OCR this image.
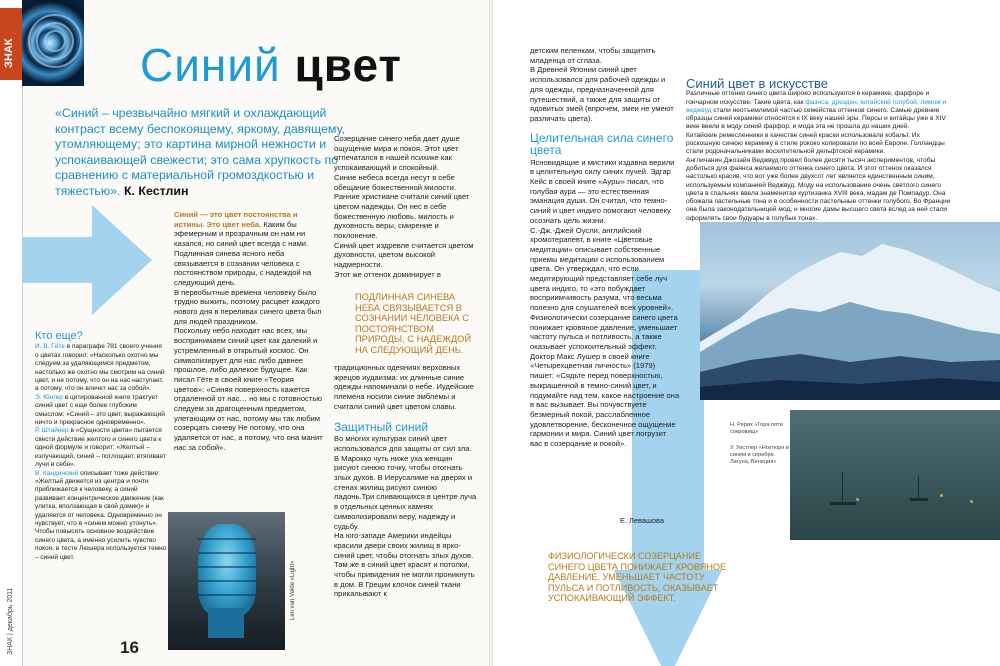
ЗНАК
ЗНАК | декабрь 2011
Синий цвет
«Синий – чрезвычайно мягкий и охлаждающий контраст всему беспокоящему, яркому, давящему, утомляющему; это картина мирной нежности и успокаивающей свежести; это сама хрупкость по сравнению с материальной громоздкостью и тяжестью». К. Кестлин
Кто еще?

И. В. Гёте в параграфе 781 своего учения о цветах говорил: «Насколько охотно мы следуем за удаляющимся предметом, настолько же охотно мы смотрим на синий цвет, и не потому, что он на нас наступает, а потому, что он влечет нас за собой».

Э. Юнгер в цитированной книге трактует синий цвет с еще более глубоким смыслом: «Синий – это цвет, выражающий ничто и прекрасное одновременно».

Р. Штайнер в «Сущности цвета» пытается свести действие желтого и синего цвета к одной формуле и говорит: «Желтый – излучающий, синий – поглощает, втягивает лучи в себя».

В. Кандинский описывает тоже действие: «Желтый движется из центра и почти приближается к человеку, а синий развивает концентрическое движение (как улитка, вползающая в свой домик)» и удаляется от человека. Одновременно он чувствует, что в «синем можно утонуть».

Чтобы повысить основное воздействие синего цвета, а именно усилить чувство покоя, в тесте Люшера используется темно – синий цвет.

Синий — это цвет постоянства и истины. Это цвет неба. Каким бы эфемерным и прозрачным он нам ни казался, но синий цвет всегда с нами. Подлинная синева ясного неба связывается в сознании человека с постоянством природы, с надеждой на следующий день.

В первобытные времена человеку было трудно выжить, поэтому расцвет каждого нового дня в переливах синего цвета был для людей праздником.

Поскольку небо находит нас всех, мы воспринимаем синий цвет как далекий и устремленный в открытый космос. Он символизирует для нас либо давнее прошлое, либо далекое будущее. Как писал Гёте в своей книге «Теория цветов»: «Синяя поверхность кажется отдаленной от нас… но мы с готовностью следуем за драгоценным предметом, улетающим от нас, потому мы так любим созерцать синеву Не потому, что она удаляется от нас, а потому, что она манит нас за собой».

Len van Velde «Light»
16

Созерцание синего неба дает душе ощущение мира и покоя. Этот цвет отпечатался в нашей психике как успокаивающий и спокойный.

Синие небеса всегда несут в себе обещание божественной милости. Ранние христиане считали синий цвет цветом надежды. Он нес в себе божественную любовь, милость и духовность веры, смирение и поклонение.

Синий цвет издревле считается цветом духовности, цветом высокой надмерности.

Этот же оттенок доминирует в

ПОДЛИННАЯ СИНЕВА НЕБА СВЯЗЫВАЕТСЯ В СОЗНАНИИ ЧЕЛОВЕКА С ПОСТОЯНСТВОМ ПРИРОДЫ, С НАДЕЖДОЙ НА СЛЕДУЮЩИЙ ДЕНЬ.

традиционных одеяниях верховных жрецов иудаизма: их длинные синие одежды напоминали о небе. Иудейские племена носили синие эмблемы и считали синий цвет цветом славы.

Защитный синий

Во многих культурах синий цвет использовался для защиты от сил зла. В Марокко чуть ниже уха женщин рисуют синюю точку, чтобы отогнать злых духов. В Иерусалиме на дверях и стенах жилищ рисуют синюю ладонь.Три сливающихся в центре луча в отдельных ценных камнях символизировали веру, надежду и судьбу.

На юго-западе Америки индейцы красили двери своих жилищ в ярко-синий цвет, чтобы отогнать злых духов. Там же в синий цвет красят и потолки, чтобы привидения не могли проникнуть в дом. В Греции клочок синей ткани прикалывают к

детским пеленкам, чтобы защитить младенца от сглаза.

В Древней Японии синий цвет использовался для рабочей одежды и для одежды, предназначенной для путешествий, а также для защиты от ядовитых змей (впрочем, змеи не умеют различать цвета).

Целительная сила синего цвета

Ясновидящие и мистики издавна верили в целительную силу синих лучей. Эдгар Кейс в своей книге «Ауры» писал, что голубая аура — это естественная эманация души. Он считал, что темно-синий и цвет индиго помогают человеку осознать цель жизни.

С.-Дж.-Джей Оусли, английский хромотерапевт, в книге «Цветовые медитации» описывает собственные приемы медитации с использованием цвета. Он утверждал, что если медитирующий представляет себе луч цвета индиго, то «это побуждает восприимчивость разума, что весьма полезно для слушателей всех уровней».

Физиологически созерцание синего цвета понижает кровяное давление, уменьшает частоту пульса и потливость, а также оказывает успокоительный эффект.

Доктор Макс Лушер в своей книге «Четырехцветная личность» (1979) пишет: «Сядьте перед поверхностью, выкрашенной в темно-синий цвет, и подумайте над тем, какое настроение она в вас вызывает. Вы почувствуете безмерный покой, расслабленное удовлетворение, бесконечное ощущение гармонии и мира. Синий цвет погрузит вас в созерцание и покой».

Е. Левашова
Синий цвет в искусстве

Различные оттенки синего цвета широко используются в керамике, фарфоре и гончарном искусстве. Такие цвета, как фазнса, дрезден, китайский голубой, лимож и веджвуд стали неотъемлемой частью семейства оттенков синего. Самые древние образцы синей керамики относятся к IX веку нашей эры. Персы и китайцы уже в XIV веке ввели в моду синий фарфор, и мода эта не прошла до наших дней.

Китайские ремесленники в качестве синей краски использовали кобальт. Их роскошную синюю керамику в стиле рококо копировали по всей Европе. Голландцы стали родоначальниками восхитительной дельфтской керамики.

Англичанин Джозайя Веджвуд провел более десяти тысяч экспериментов, чтобы добиться для фаянса желаемого оттенка синего цвета. И этот оттенок оказался настолько красив, что вот уже более двухсот лет является единственным синим, используемым компанией Веджвуд. Моду на использование очень светлого синего цвета в спальнях ввела знаменитая куртизанка XVIII века, мадам де Помпадур. Она обожала пастельные тона и в особенности пастельные оттенки голубого. Во Франции она была законодательницей мод, и многие дамы высшего света вслед за ней стали оформлять свои будуары в голубых тонах.

Н. Рерих «Гора пяти сокровищ»
У. Уистлер «Ноктюрн в синем и серебре. Лагуна, Венеция»
ФИЗИОЛОГИЧЕСКИ СОЗЕРЦАНИЕ СИНЕГО ЦВЕТА ПОНИЖАЕТ КРОВЯНОЕ ДАВЛЕНИЕ, УМЕНЬШАЕТ ЧАСТОТУ ПУЛЬСА И ПОТЛИВОСТЬ, ОКАЗЫВАЕТ УСПОКАИВАЮЩИЙ ЭФФЕКТ.
